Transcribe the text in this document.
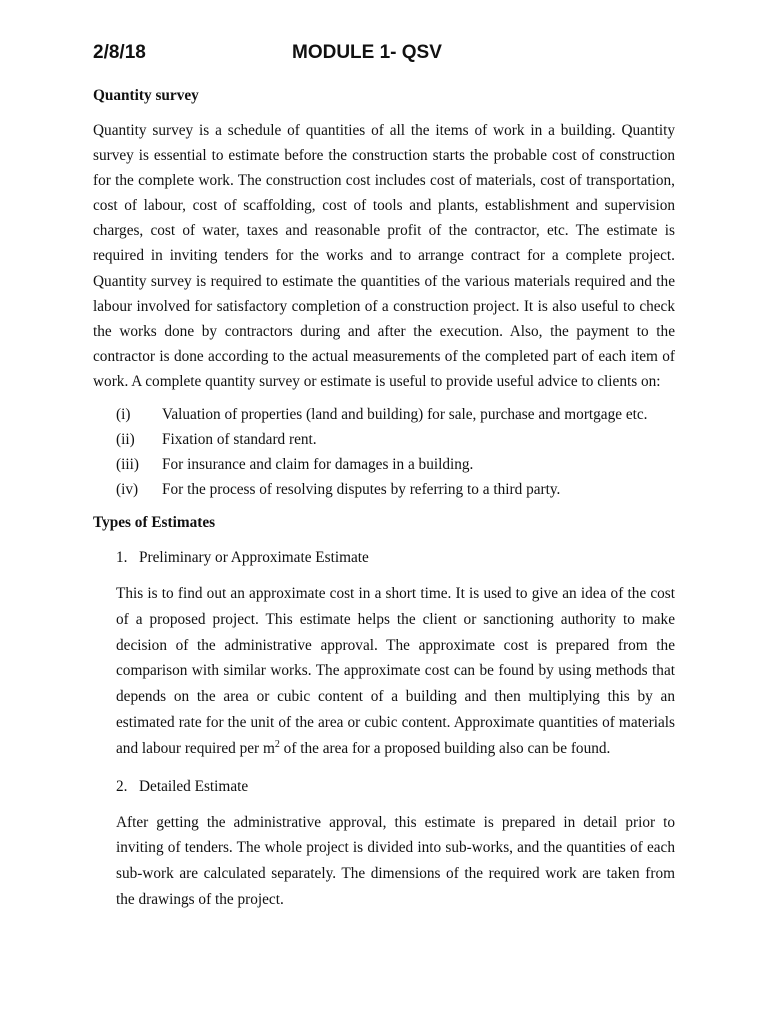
2/8/18	MODULE 1- QSV

Quantity survey

Quantity survey is a schedule of quantities of all the items of work in a building. Quantity survey is essential to estimate before the construction starts the probable cost of construction for the complete work. The construction cost includes cost of materials, cost of transportation, cost of labour, cost of scaffolding, cost of tools and plants, establishment and supervision charges, cost of water, taxes and reasonable profit of the contractor, etc. The estimate is required in inviting tenders for the works and to arrange contract for a complete project. Quantity survey is required to estimate the quantities of the various materials required and the labour involved for satisfactory completion of a construction project. It is also useful to check the works done by contractors during and after the execution. Also, the payment to the contractor is done according to the actual measurements of the completed part of each item of work. A complete quantity survey or estimate is useful to provide useful advice to clients on:

(i) Valuation of properties (land and building) for sale, purchase and mortgage etc.
(ii) Fixation of standard rent.
(iii) For insurance and claim for damages in a building.
(iv) For the process of resolving disputes by referring to a third party.

Types of Estimates

1. Preliminary or Approximate Estimate

This is to find out an approximate cost in a short time. It is used to give an idea of the cost of a proposed project. This estimate helps the client or sanctioning authority to make decision of the administrative approval. The approximate cost is prepared from the comparison with similar works. The approximate cost can be found by using methods that depends on the area or cubic content of a building and then multiplying this by an estimated rate for the unit of the area or cubic content. Approximate quantities of materials and labour required per $m^2$ of the area for a proposed building also can be found.

2. Detailed Estimate

After getting the administrative approval, this estimate is prepared in detail prior to inviting of tenders. The whole project is divided into sub-works, and the quantities of each sub-work are calculated separately. The dimensions of the required work are taken from the drawings of the project.
